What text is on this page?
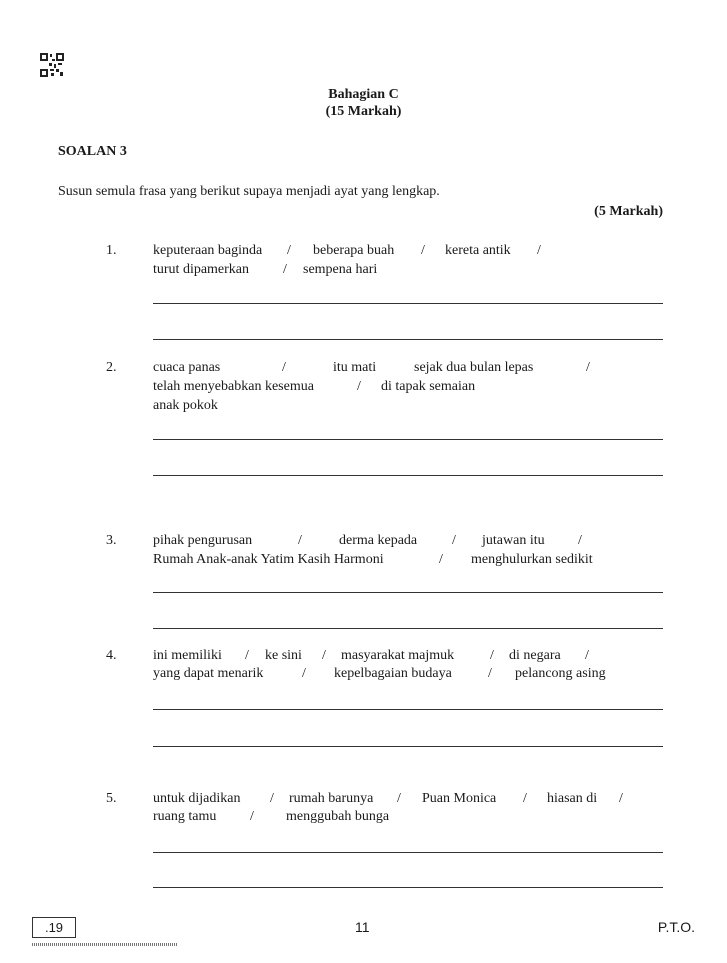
Bahagian C
(15 Markah)
SOALAN 3
Susun semula frasa yang berikut supaya menjadi ayat yang lengkap.
(5 Markah)
1.	keputeraan baginda / beberapa buah / kereta antik /
turut dipamerkan / sempena hari
2.	cuaca panas	/	itu mati	sejak dua bulan lepas	/
telah menyebabkan kesemua	/ di tapak semaian
anak pokok
3.	pihak pengurusan	/	derma kepada / jutawan itu /
Rumah Anak-anak Yatim Kasih Harmoni	/ menghulurkan sedikit
4.	ini memiliki / ke sini / masyarakat majmuk	/ di negara /
yang dapat menarik	/ kepelbagaian budaya	/ pelancong asing
5.	untuk dijadikan / rumah barunya / Puan Monica / hiasan di /
ruang tamu / menggubah bunga
.19	11	P.T.O.
